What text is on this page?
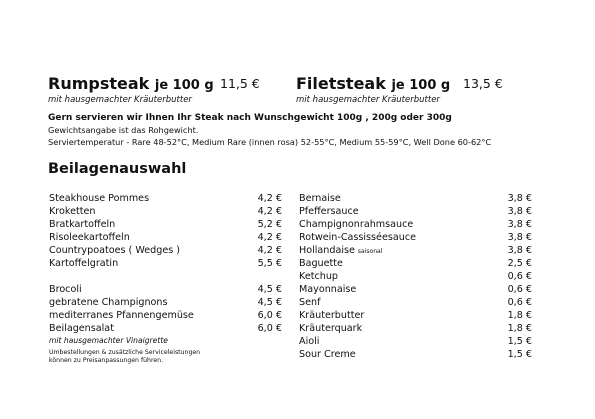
Rumpsteak je 100 g 11,5 €
mit hausgemachter Kräuterbutter
Filetsteak je 100 g 13,5 €
mit hausgemachter Kräuterbutter
Gern servieren wir Ihnen Ihr Steak nach Wunschgewicht 100g , 200g oder 300g
Gewichtsangabe ist das Rohgewicht.
Serviertemperatur - Rare 48-52°C, Medium Rare (innen rosa) 52-55°C, Medium 55-59°C, Well Done 60-62°C
Beilagenauswahl
Steakhouse Pommes	4,2 €
Kroketten	4,2 €
Bratkartoffeln	5,2 €
Risoleekartoffeln	4,2 €
Countrypoatoes ( Wedges )	4,2 €
Kartoffelgratin	5,5 €
Brocoli	4,5 €
gebratene Champignons	4,5 €
mediterranes Pfannengemüse	6,0 €
Beilagensalat	6,0 €
mit hausgemachter Vinaigrette
Umbestellungen & zusätzliche Serviceleistungen
können zu Preisanpassungen führen.
Bernaise	3,8 €
Pfeffersauce	3,8 €
Champignonrahmsauce	3,8 €
Rotwein-Cassisséesauce	3,8 €
Hollandaise saisonal	3,8 €
Baguette	2,5 €
Ketchup	0,6 €
Mayonnaise	0,6 €
Senf	0,6 €
Kräuterbutter	1,8 €
Kräuterquark	1,8 €
Aioli	1,5 €
Sour Creme	1,5 €
